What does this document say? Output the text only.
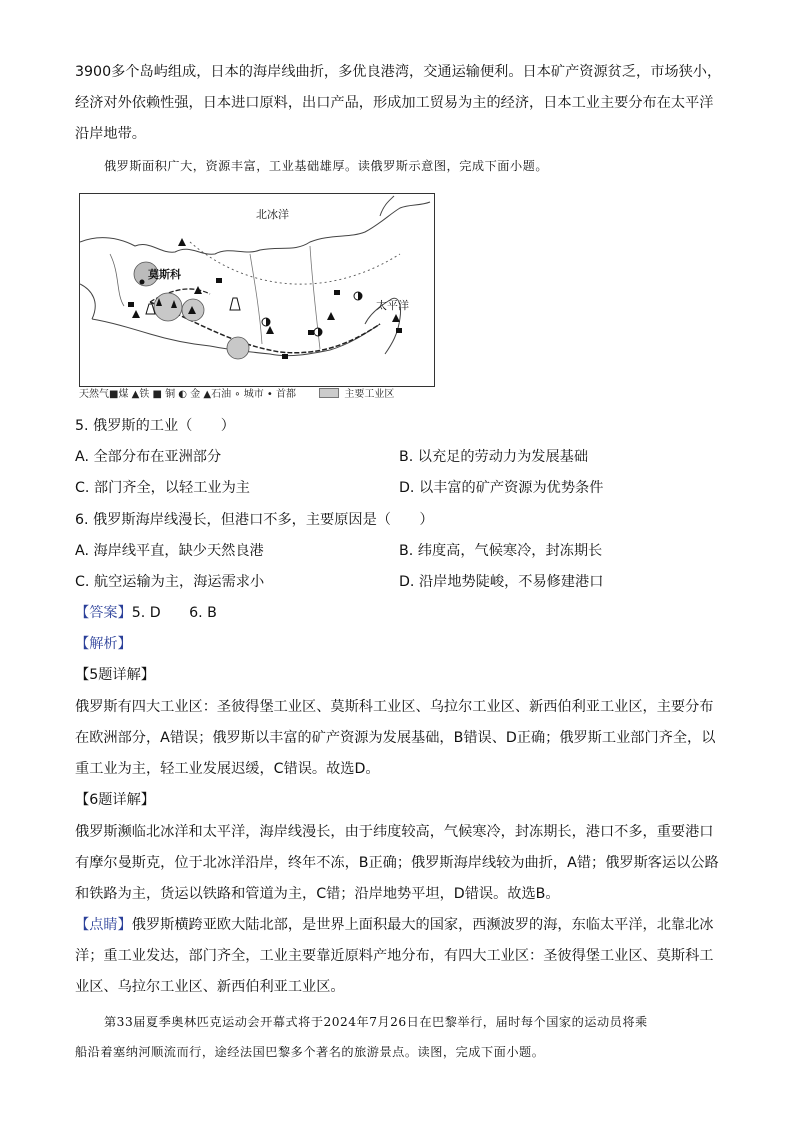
3900多个岛屿组成，日本的海岸线曲折，多优良港湾，交通运输便利。日本矿产资源贫乏，市场狭小，
经济对外依赖性强，日本进口原料，出口产品，形成加工贸易为主的经济，日本工业主要分布在太平洋
沿岸地带。
俄罗斯面积广大，资源丰富，工业基础雄厚。读俄罗斯示意图，完成下面小题。
北冰洋
莫斯科
太平洋
天然气■煤 ▲铁 ■ 铜 ◐ 金 ▲石油 ∘ 城市 • 首都	主要工业区
5. 俄罗斯的工业（　　）
A. 全部分布在亚洲部分	B. 以充足的劳动力为发展基础
C. 部门齐全，以轻工业为主	D. 以丰富的矿产资源为优势条件
6. 俄罗斯海岸线漫长，但港口不多，主要原因是（　　）
A. 海岸线平直，缺少天然良港	B. 纬度高，气候寒冷，封冻期长
C. 航空运输为主，海运需求小	D. 沿岸地势陡峻，不易修建港口
【答案】5. D　　6. B
【解析】
【5题详解】
俄罗斯有四大工业区：圣彼得堡工业区、莫斯科工业区、乌拉尔工业区、新西伯利亚工业区，主要分布
在欧洲部分，A错误；俄罗斯以丰富的矿产资源为发展基础，B错误、D正确；俄罗斯工业部门齐全，以
重工业为主，轻工业发展迟缓，C错误。故选D。
【6题详解】
俄罗斯濒临北冰洋和太平洋，海岸线漫长，由于纬度较高，气候寒冷，封冻期长，港口不多，重要港口
有摩尔曼斯克，位于北冰洋沿岸，终年不冻，B正确；俄罗斯海岸线较为曲折，A错；俄罗斯客运以公路
和铁路为主，货运以铁路和管道为主，C错；沿岸地势平坦，D错误。故选B。
【点睛】俄罗斯横跨亚欧大陆北部，是世界上面积最大的国家，西濒波罗的海，东临太平洋，北靠北冰
洋；重工业发达，部门齐全，工业主要靠近原料产地分布，有四大工业区：圣彼得堡工业区、莫斯科工
业区、乌拉尔工业区、新西伯利亚工业区。
第33届夏季奥林匹克运动会开幕式将于2024年7月26日在巴黎举行，届时每个国家的运动员将乘
船沿着塞纳河顺流而行，途经法国巴黎多个著名的旅游景点。读图，完成下面小题。
